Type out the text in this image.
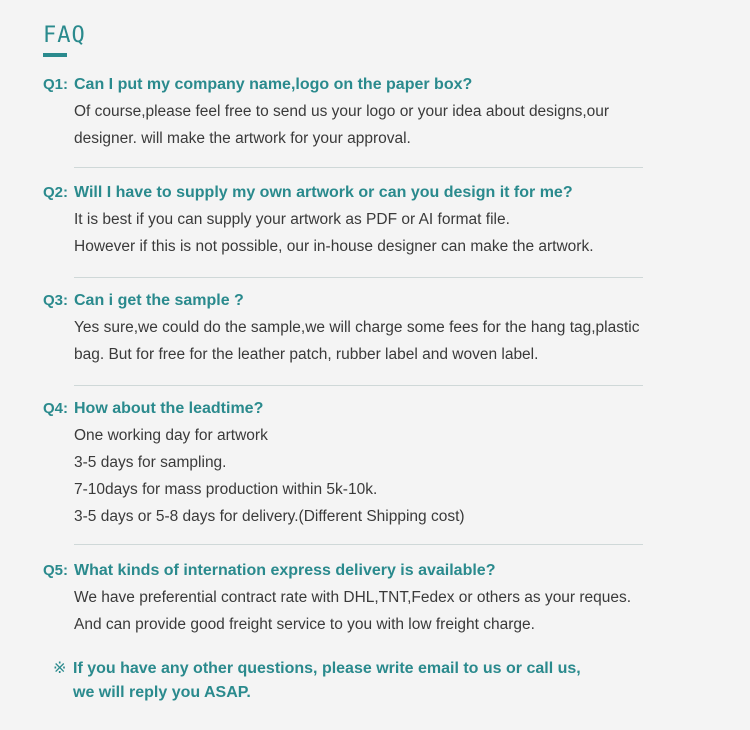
FAQ
Q1: Can I put my company name,logo on the paper box?
Of course,please feel free to send us your logo or your idea about designs,our
designer. will make the artwork for your approval.
Q2: Will I have to supply my own artwork or can you design it for me?
It is best if you can supply your artwork as PDF or AI format file.
However if this is not possible, our in-house designer can make the artwork.
Q3: Can i get the sample ?
Yes sure,we could do the sample,we will charge some fees for the hang tag,plastic
bag. But for free for the leather patch, rubber label and woven label.
Q4: How about the leadtime?
One working day for artwork
3-5 days for sampling.
7-10days for mass production within 5k-10k.
3-5 days or 5-8 days for delivery.(Different Shipping cost)
Q5: What kinds of internation express delivery is available?
We have preferential contract rate with DHL,TNT,Fedex or others as your reques.
And can provide good freight service to you with low freight charge.
※ If you have any other questions, please write email to us or call us,
we will reply you ASAP.
